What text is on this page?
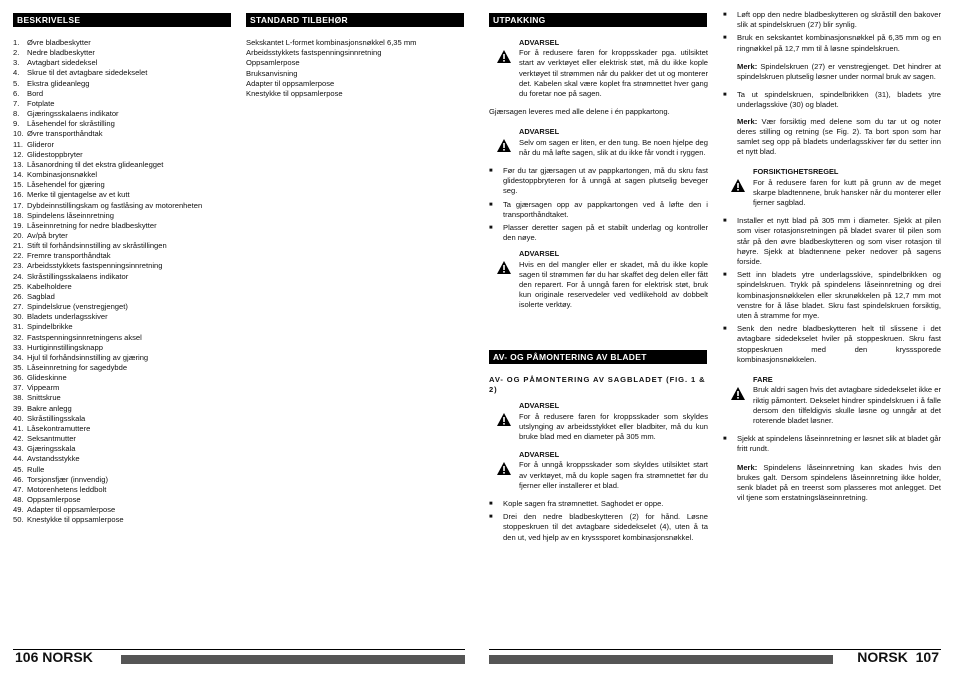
BESKRIVELSE
1.	Øvre bladbeskytter
2.	Nedre bladbeskytter
3.	Avtagbart sidedeksel
4.	Skrue til det avtagbare sidedekselet
5.	Ekstra glideanlegg
6.	Bord
7.	Fotplate
8.	Gjæringsskalaens indikator
9.	Låsehendel for skråstilling
10. Øvre transporthåndtak
11. Glideror
12. Glidestoppbryter
13. Låsanordning til det ekstra glideanlegget
14. Kombinasjonsnøkkel
15. Låsehendel for gjæring
16. Merke til gjentagelse av et kutt
17. Dybdeinnstillingskam og fastlåsing av motorenheten
18. Spindelens låseinnretning
19. Låseinnretning for nedre bladbeskytter
20. Av/på bryter
21. Stift til forhåndsinnstilling av skråstillingen
22. Fremre transporthåndtak
23. Arbeidsstykkets fastspenningsinnretning
24. Skråstillingsskalaens indikator
25. Kabelholdere
26. Sagblad
27. Spindelskrue (venstregjenget)
30. Bladets underlagsskiver
31. Spindelbrikke
32. Fastspenningsinnretningens aksel
33. Hurtiginnstillingsknapp
34. Hjul til forhåndsinnstilling av gjæring
35. Låseinnretning for sagedybde
36. Glideskinne
37. Vippearm
38. Snittskrue
39. Bakre anlegg
40. Skråstillingsskala
41. Låsekontramuttere
42. Seksantmutter
43. Gjæringsskala
44. Avstandsstykke
45. Rulle
46. Torsjonsfjær (innvendig)
47. Motorenhetens leddbolt
48. Oppsamlerpose
49. Adapter til oppsamlerpose
50. Knestykke til oppsamlerpose
STANDARD TILBEHØR
Sekskantet L-formet kombinasjonsnøkkel 6,35 mm
Arbeidsstykkets fastspenningsinnretning
Oppsamlerpose
Bruksanvisning
Adapter til oppsamlerpose
Knestykke til oppsamlerpose
106 NORSK
UTPAKKING
ADVARSEL
For å redusere faren for kroppsskader pga. utilsiktet start av verktøyet eller elektrisk støt, må du ikke kople verktøyet til strømmen når du pakker det ut og monterer det. Kabelen skal være koplet fra strømnettet hver gang du foretar noe på sagen.
Gjærsagen leveres med alle delene i én pappkartong.
ADVARSEL
Selv om sagen er liten, er den tung. Be noen hjelpe deg når du må løfte sagen, slik at du ikke får vondt i ryggen.
■	Før du tar gjærsagen ut av pappkartongen, må du skru fast glidestoppbryteren for å unngå at sagen plutselig beveger seg.
■	Ta gjærsagen opp av pappkartongen ved å løfte den i transporthåndtaket.
■	Plasser deretter sagen på et stabilt underlag og kontroller den nøye.
ADVARSEL
Hvis en del mangler eller er skadet, må du ikke kople sagen til strømmen før du har skaffet deg delen eller fått den reparert. For å unngå faren for elektrisk støt, bruk kun originale reservedeler ved vedlikehold av dobbelt isolerte verktøy.
AV- OG PÅMONTERING AV BLADET
AV- OG PÅMONTERING AV SAGBLADET (FIG. 1 & 2)
ADVARSEL
For å redusere faren for kroppsskader som skyldes utslynging av arbeidsstykket eller bladbiter, må du kun bruke blad med en diameter på 305 mm.
ADVARSEL
For å unngå kroppsskader som skyldes utilsiktet start av verktøyet, må du kople sagen fra strømnettet før du fjerner eller installerer et blad.
■	Kople sagen fra strømnettet. Saghodet er oppe.
■	Drei den nedre bladbeskytteren (2) for hånd. Løsne stoppeskruen til det avtagbare sidedekselet (4), uten å ta den ut, ved hjelp av en krysssporet kombinasjonsnøkkel.
■	Løft opp den nedre bladbeskytteren og skråstill den bakover slik at spindelskruen (27) blir synlig.
■	Bruk en sekskantet kombinasjonsnøkkel på 6,35 mm og en ringnøkkel på 12,7 mm til å løsne spindelskruen.
Merk: Spindelskruen (27) er venstregjenget. Det hindrer at spindelskruen plutselig løsner under normal bruk av sagen.
■	Ta ut spindelskruen, spindelbrikken (31), bladets ytre underlagsskive (30) og bladet.
Merk: Vær forsiktig med delene som du tar ut og noter deres stilling og retning (se Fig. 2). Ta bort spon som har samlet seg opp på bladets underlagsskiver før du setter inn et nytt blad.
FORSIKTIGHETSREGEL
For å redusere faren for kutt på grunn av de meget skarpe bladtennene, bruk hansker når du monterer eller fjerner sagblad.
■	Installer et nytt blad på 305 mm i diameter. Sjekk at pilen som viser rotasjonsretningen på bladet svarer til pilen som står på den øvre bladbeskytteren og som viser rotasjon til høyre. Sjekk at bladtennene peker nedover på sagens forside.
■	Sett inn bladets ytre underlagsskive, spindelbrikken og spindelskruen. Trykk på spindelens låseinnretning og drei kombinasjonsnøkkelen eller skrunøkkelen på 12,7 mm mot venstre for å låse bladet. Skru fast spindelskruen forsiktig, uten å stramme for mye.
■	Senk den nedre bladbeskytteren helt til slissene i det avtagbare sidedekselet hviler på stoppeskruen. Skru fast stoppeskruen med den krysssporede kombinasjonsnøkkelen.
FARE
Bruk aldri sagen hvis det avtagbare sidedekselet ikke er riktig påmontert. Dekselet hindrer spindelskruen i å falle dersom den tilfeldigvis skulle løsne og unngår at det roterende bladet løsner.
■	Sjekk at spindelens låseinnretning er løsnet slik at bladet går fritt rundt.
Merk: Spindelens låseinnretning kan skades hvis den brukes galt. Dersom spindelens låseinnretning ikke holder, senk bladet på en treerst som plasseres mot anlegget. Det vil tjene som erstatningsläseinnretning.
NORSK 107
